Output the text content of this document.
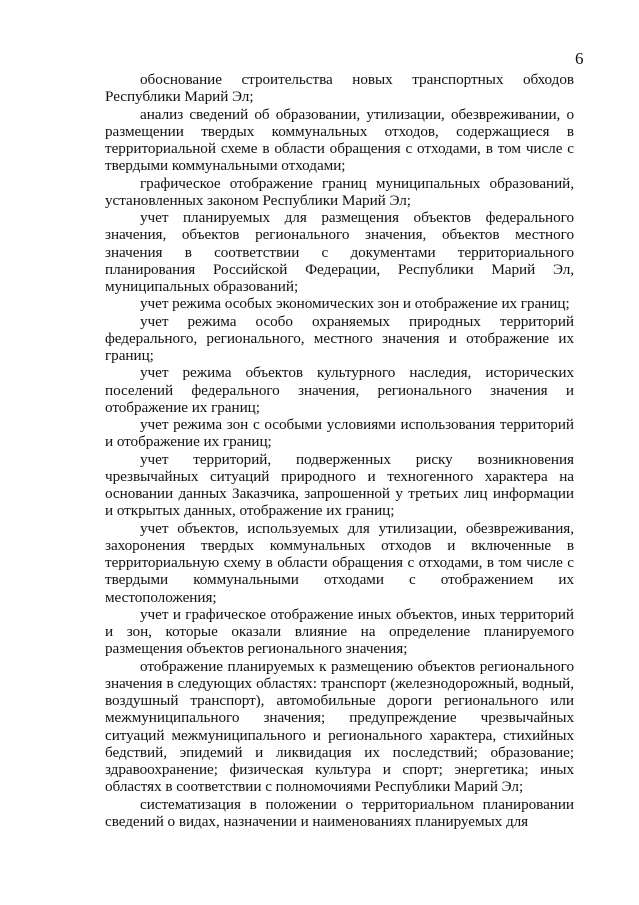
6

обоснование строительства новых транспортных обходов Республики Марий Эл;

анализ сведений об образовании, утилизации, обезвреживании, о размещении твердых коммунальных отходов, содержащиеся в территориальной схеме в области обращения с отходами, в том числе с твердыми коммунальными отходами;

графическое отображение границ муниципальных образований, установленных законом Республики Марий Эл;

учет планируемых для размещения объектов федерального значения, объектов регионального значения, объектов местного значения в соответствии с документами территориального планирования Российской Федерации, Республики Марий Эл, муниципальных образований;

учет режима особых экономических зон и отображение их границ;

учет режима особо охраняемых природных территорий федерального, регионального, местного значения и отображение их границ;

учет режима объектов культурного наследия, исторических поселений федерального значения, регионального значения и отображение их границ;

учет режима зон с особыми условиями использования территорий и отображение их границ;

учет территорий, подверженных риску возникновения чрезвычайных ситуаций природного и техногенного характера на основании данных Заказчика, запрошенной у третьих лиц информации и открытых данных, отображение их границ;

учет объектов, используемых для утилизации, обезвреживания, захоронения твердых коммунальных отходов и включенные в территориальную схему в области обращения с отходами, в том числе с твердыми коммунальными отходами с отображением их местоположения;

учет и графическое отображение иных объектов, иных территорий и зон, которые оказали влияние на определение планируемого размещения объектов регионального значения;

отображение планируемых к размещению объектов регионального значения в следующих областях: транспорт (железнодорожный, водный, воздушный транспорт), автомобильные дороги регионального или межмуниципального значения; предупреждение чрезвычайных ситуаций межмуниципального и регионального характера, стихийных бедствий, эпидемий и ликвидация их последствий; образование; здравоохранение; физическая культура и спорт; энергетика; иных областях в соответствии с полномочиями Республики Марий Эл;

систематизация в положении о территориальном планировании сведений о видах, назначении и наименованиях планируемых для
